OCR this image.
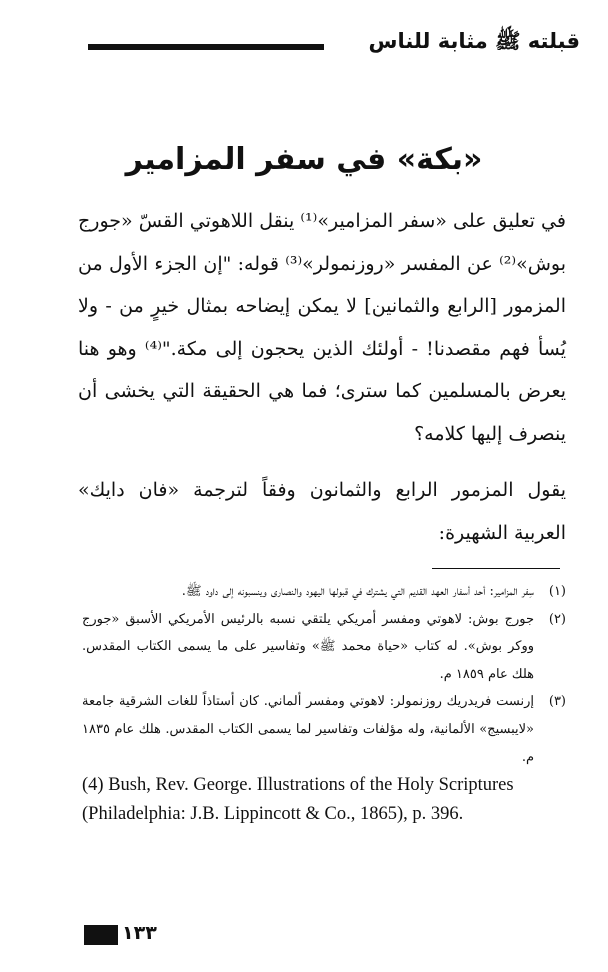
قبلته ﷺ مثابة للناس
«بكة» في سفر المزامير

في تعليق على «سفر المزامير»⁽¹⁾ ينقل اللاهوتي القسّ «جورج بوش»⁽²⁾ عن المفسر «روزنمولر»⁽³⁾ قوله: "إن الجزء الأول من المزمور [الرابع والثمانين] لا يمكن إيضاحه بمثال خيرٍ من - ولا يُسأ فهم مقصدنا! - أولئك الذين يحجون إلى مكة."⁽⁴⁾ وهو هنا يعرض بالمسلمين كما سترى؛ فما هي الحقيقة التي يخشى أن ينصرف إليها كلامه؟

يقول المزمور الرابع والثمانون وفقاً لترجمة «فان دايك» العربية الشهيرة:

(١)
سِفر المزامير: أحد أسفار العهد القديم التي يشترك في قبولها اليهود والنصارى وينسبونه إلى داود ﷺ.
(٢)
جورج بوش: لاهوتي ومفسر أمريكي يلتقي نسبه بالرئيس الأمريكي الأسبق «جورج ووكر بوش». له كتاب «حياة محمد ﷺ» وتفاسير على ما يسمى الكتاب المقدس. هلك عام ١٨٥٩ م.
(٣)
إرنست فريدريك روزنمولر: لاهوتي ومفسر ألماني. كان أستاذاً للغات الشرقية جامعة «لايبسيج» الألمانية، وله مؤلفات وتفاسير لما يسمى الكتاب المقدس. هلك عام ١٨٣٥ م.
(4) Bush, Rev. George. Illustrations of the Holy Scriptures (Philadelphia: J.B. Lippincott & Co., 1865), p. 396.
١٣٣
